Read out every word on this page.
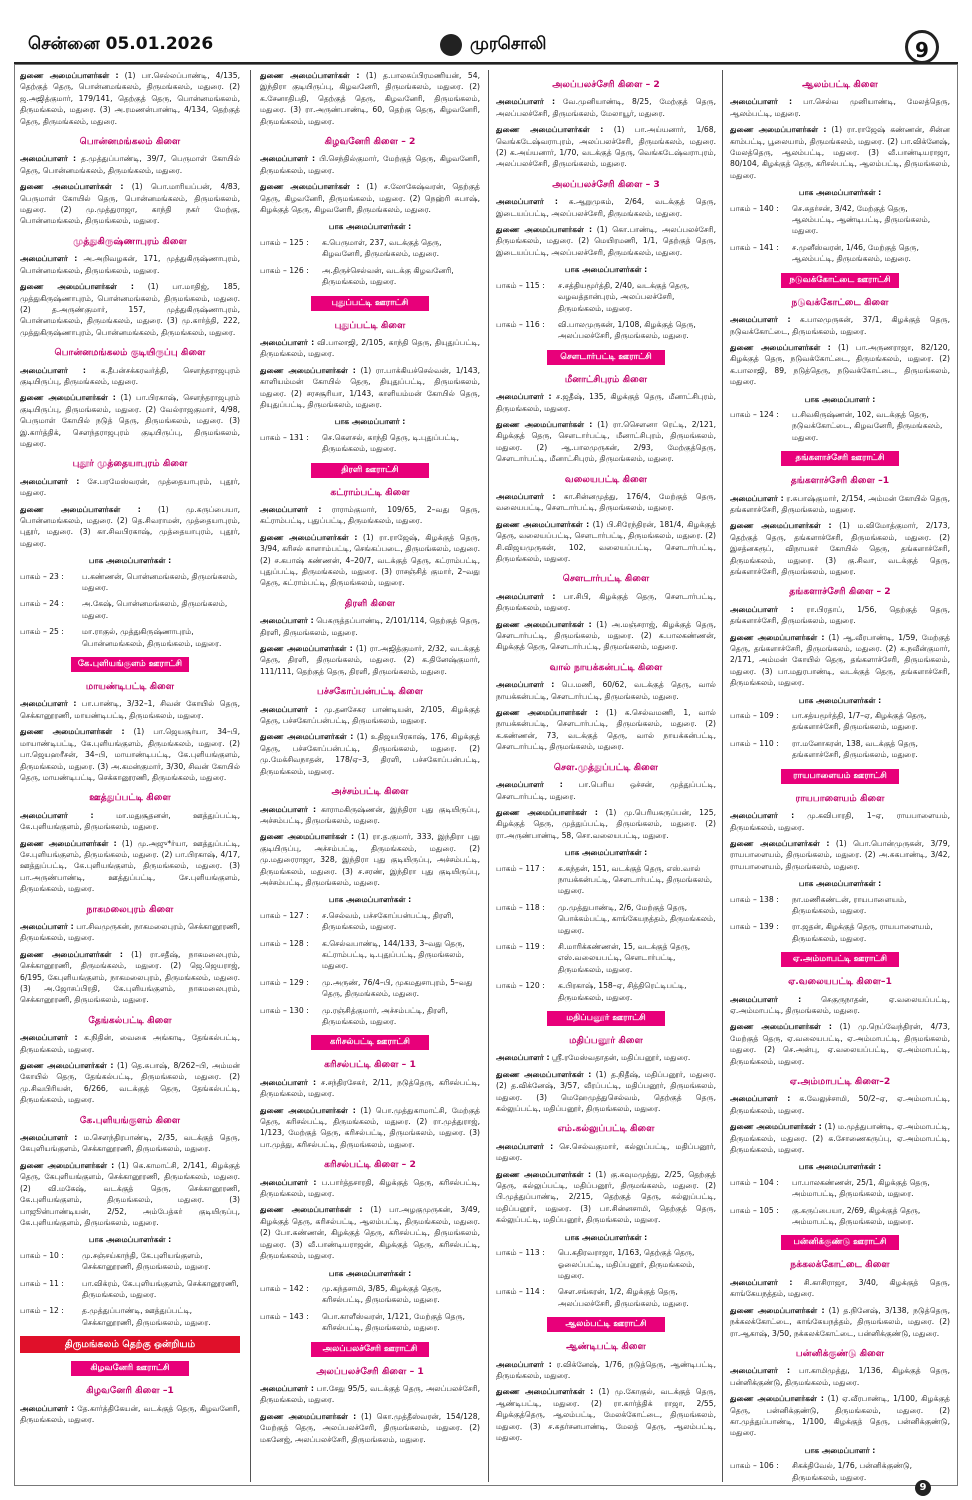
சென்னை 05.01.2026	முரசொலி	9

துணை அமைப்பாளர்கள் : (1) பா.செல்லப்பாண்டி, 4/135, தெற்குத் தெரு, பொன்னமங்கலம், திருமங்கலம், மதுரை. (2) ஜ.அஜித்குமார், 179/141, தெற்குத் தெரு, பொன்னமங்கலம், திருமங்கலம், மதுரை. (3) அ.ரமணன்பாண்டி, 4/134, தெற்குத் தெரு, திருமங்கலம், மதுரை.

பொன்னமங்கலம் கிளை

அமைப்பாளர் : த.முத்துப்பாண்டி, 39/7, பெருமாள் கோயில் தெரு, பொன்னமங்கலம், திருமங்கலம், மதுரை.

துணை அமைப்பாளர்கள் : (1) பொ.மாரியப்பன், 4/83, பெருமாள் கோயில் தெரு, பொன்னமங்கலம், திருமங்கலம், மதுரை. (2) மு.முத்துராஜா, காந்தி நகர் மேற்கு, பொன்னமங்கலம், திருமங்கலம், மதுரை.

முத்துகிருஷ்ணாபுரம் கிளை

அமைப்பாளர் : அ.அறிவழகன், 171, முத்துகிருஷ்ணாபுரம், பொன்னமங்கலம், திருமங்கலம், மதுரை.

துணை அமைப்பாளர்கள் : (1) பா.மாதிஜ், 185, முத்துகிருஷ்ணாபுரம், பொன்னமங்கலம், திருமங்கலம், மதுரை. (2) த.அருண்குமார், 157, முத்துகிருஷ்ணாபுரம், பொன்னமங்கலம், திருமங்கலம், மதுரை. (3) மு.கார்த்தி, 222, முத்துகிருஷ்ணாபுரம், பொன்னமங்கலம், திருமங்கலம், மதுரை.

பொன்னமங்கலம் குடியிருப்பு கிளை

அமைப்பாளர் : க.தீபன்சக்கரவர்த்தி, சௌந்தராஜபுரம் குடியிருப்பு, திருமங்கலம், மதுரை.

துணை அமைப்பாளர்கள் : (1) பா.பிரகாஷ், சௌந்தராஜபுரம் குடியிருப்பு, திருமங்கலம், மதுரை. (2) வேல்ராஜகுமார், 4/98, பெருமாள் கோயில் நடுத் தெரு, திருமங்கலம், மதுரை. (3) இ.கார்த்திக், சௌந்தராஜபுரம் குடியிருப்பு, திருமங்கலம், மதுரை.

புதூர் முத்தையாபுரம் கிளை

அமைப்பாளர் : சே.பரமேஸ்வரன், முத்தையாபுரம், புதூர், மதுரை.

துணை அமைப்பாளர்கள் : (1) மு.கருப்பையா, பொன்னமங்கலம், மதுரை. (2) தெ.சிவராமன், முத்தையாபுரம், புதூர், மதுரை. (3) கா.சிவபிரகாஷ், முத்தையாபுரம், புதூர், மதுரை.

பாக அமைப்பாளர்கள் :
பாகம் – 23 :	ப.கண்ணன், பொன்னமங்கலம், திருமங்கலம், மதுரை.
பாகம் – 24 :	அ.கேஷ், பொன்னமங்கலம், திருமங்கலம், மதுரை.
பாகம் – 25 :	மா.ராகுல், முத்துகிருஷ்ணாபுரம், பொன்னமங்கலம், திருமங்கலம், மதுரை.
கே.புளியங்குளம் ஊராட்சி
மாயண்டிபட்டி கிளை

அமைப்பாளர் : பா.பாண்டி, 3/32–1, சிவன் கோயில் தெரு, செக்கானூரணி, மாயண்டிபட்டி, திருமங்கலம், மதுரை.

துணை அமைப்பாளர்கள் : (1) பா.ஜெயசூர்யா, 34–பி, மாயாண்டிபட்டி, கே.புளியங்குளம், திருமங்கலம், மதுரை. (2) பா.ஜெயஹரீசன், 34–பி, மாயாண்டிபட்டி, கே.புளியங்குளம், திருமங்கலம், மதுரை. (3) அ.கமன்குமார், 3/30, சிவன் கோயில் தெரு, மாயண்டிபட்டி, செக்கானூரணி, திருமங்கலம், மதுரை.

ஊத்துப்பட்டி கிளை

அமைப்பாளர் : மா.மதுசூதனன், ஊத்துப்பட்டி, கே.புளியங்குளம், திருமங்கலம், மதுரை.

துணை அமைப்பாளர்கள் : (1) மு.அஜு*ர்யா, ஊத்துப்பட்டி, சே.புளியங்குளம், திருமங்கலம், மதுரை. (2) பா.பிரகாஷ், 4/17, ஊத்துப்பட்டி, கே.புளியங்குளம், திருமங்கலம், மதுரை. (3) பா.அருண்பாண்டி, ஊத்துப்பட்டி, சே.புளியங்குளம், திருமங்கலம், மதுரை.

நாகமலைபுரம் கிளை

அமைப்பாளர் : பா.சிவமுருகன், நாகமலைபுரம், செக்கானூரணி, திருமங்கலம், மதுரை.

துணை அமைப்பாளர்கள் : (1) ரா.சதீஷ், நாகமலைபுரம், செக்கானூரணி, திருமங்கலம், மதுரை. (2) ஜெ.ஜெயராஜ், 6/195, கேபுளியங்குளம், நாகமலைபுரம், திருமங்கலம், மதுரை. (3) அ.ஜோசப்பிரதி, கே.புளியங்குளம், நாகமலைபுரம், செக்கானூரணி, திருமங்கலம், மதுரை.

தேங்கல்பட்டி கிளை

அமைப்பாளர் : க.நிதின், வைகை அங்காடி, தேங்கல்பட்டி, திருமங்கலம், மதுரை.

துணை அமைப்பாளர்கள் : (1) தெ.சுபாஷ், 8/262–பி, அம்மன் கோயில் தெரு, தேங்கல்பட்டி, திருமங்கலம், மதுரை. (2) மு.சிவபிரியன், 6/266, வடக்குத் தெரு, தேங்கல்பட்டி, திருமங்கலம், மதுரை.

கே.புளியங்குளம் கிளை

அமைப்பாளர் : ம.சௌந்திரபாண்டி, 2/35, வடக்குத் தெரு, கேபுளியங்குளம், செக்கானூரணி, திருமங்கலம், மதுரை.

துணை அமைப்பாளர்கள் : (1) கெ.காமாட்சி, 2/141, கிழக்குத் தெரு, கேபுளியங்குளம், செக்கானூரணி, திருமங்கலம், மதுரை. (2) வி.மகேஷ், வடக்குத் தெரு, செக்கானூரணி, கே.புளியங்குளம், திருமங்கலம், மதுரை. (3) பாஜூன்பாண்டியன், 2/52, அம்பேத்கர் குடியிருப்பு, கே.புளியங்குளம், திருமங்கலம், மதுரை.

பாக அமைப்பாளர்கள் :
பாகம் – 10 :	மு.சஞ்சய்காந்தி, கே.புளியங்குளம், செக்கானூரணி, திருமங்கலம், மதுரை.
பாகம் – 11 :	பா.விக்ரம், கே.புளியங்குளம், செக்கானூரணி, திருமங்கலம், மதுரை.
பாகம் – 12 :	த.முத்துப்பாண்டி, ஊத்துப்பட்டி, செக்கானூரணி, திருமங்கலம், மதுரை.
திருமங்கலம் தெற்கு ஒன்றியம்
கிழவனேரி ஊராட்சி
கிழவனேரி கிளை –1

அமைப்பாளர் : தே.கார்த்திகேயன், வடக்குத் தெரு, கிழவனேரி, திருமங்கலம், மதுரை.

துணை அமைப்பாளர்கள் : (1) த.பாலசுப்பிரமணியன், 54, இந்திரா குடியிருப்பு, கிழவனேரி, திருமங்கலம், மதுரை. (2) க.சேனாதிபதி, தெற்குத் தெரு, கிழவனேரி, திருமங்கலம், மதுரை. (3) ரா.அருண்பாண்டி, 60, தெற்கு தெரு, கிழவனேரி, திருமங்கலம், மதுரை.

கிழவனேரி கிளை – 2

அமைப்பாளர் : பி.செந்தில்குமார், மேற்குத் தெரு, கிழவனேரி, திருமங்கலம், மதுரை.

துணை அமைப்பாளர்கள் : (1) ச.லோகேஷ்வரன், தெற்குத் தெரு, கிழவனேரி, திருமங்கலம், மதுரை. (2) நெஹ்ரி சுபாஷ், கிழக்குத் தெரு, கிழவனேரி, திருமங்கலம், மதுரை.

பாக அமைப்பாளர்கள் :
பாகம் – 125 :	க.பெருமாள், 237, வடக்குத் தெரு, கிழவனேரி, திருமங்கலம், மதுரை.
பாகம் – 126 :	அ.திருச்செல்வன், வடக்கு கிழவனேரி, திருமங்கலம், மதுரை.
புதுப்பட்டி ஊராட்சி
புதுப்பட்டி கிளை

அமைப்பாளர் : வி.பாலாஜி, 2/105, காந்தி தெரு, தியுதுப்பட்டி, திருமங்கலம், மதுரை.

துணை அமைப்பாளர்கள் : (1) ரா.பாக்கியச்செல்வன், 1/143, காளியம்மன் கோயில் தெரு, தியுதுப்பட்டி, திருமங்கலம், மதுரை. (2) சரசசூரியா, 1/143, காளியம்மன் கோயில் தெரு, தியுதுப்பட்டி, திருமங்கலம், மதுரை.

பாக அமைப்பாளர் :
பாகம் – 131 :	செ.கௌசல், காந்தி தெரு, டி.புதுப்பட்டி, திருமங்கலம், மதுரை.
திரளி ஊராட்சி
கட்ராம்பட்டி கிளை

அமைப்பாளர் : ராராம்குமார், 109/65, 2–வது தெரு, கட்ராம்பட்டி, புதுப்பட்டி, திருமங்கலம், மதுரை.

துணை அமைப்பாளர்கள் : (1) ரா.ராஜேஷ், கிழக்குத் தெரு, 3/94, கரிசல் காளாம்பட்டி, செங்கப்படை, திருமங்கலம், மதுரை. (2) ச.கபாஷ் கண்ணன், 4–20/7, வடக்குத் தெரு, கட்ராம்பட்டி, புதுப்பட்டி, திருமங்கலம், மதுரை. (3) ராசஞ்சித் குமார், 2–வது தெரு, கட்ராம்பட்டி, திருமங்கலம், மதுரை.

திரளி கிளை

அமைப்பாளர் : பெகருத்தப்பாண்டி, 2/101/114, தெற்குத் தெரு, திரளி, திருமங்கலம், மதுரை.

துணை அமைப்பாளர்கள் : (1) ரா.அஜித்குமார், 2/32, வடக்குத் தெரு, திரளி, திருமங்கலம், மதுரை. (2) க.தினேஷ்குமார், 111/111, தெற்குத் தெரு, திரளி, திருமங்கலம், மதுரை.

பச்சகோப்பன்பட்டி கிளை

அமைப்பாளர் : மு.தனசேகர பாண்டியன், 2/105, கிழக்குத் தெரு, பச்சகோப்பன்பட்டி, திருமங்கலம், மதுரை.

துணை அமைப்பாளர்கள் : (1) உதிஜயபிரகாஷ், 176, கிழக்குத் தெரு, பச்சகோப்பன்பட்டி, திருமங்கலம், மதுரை. (2) மு.மேக்சிவநாதன், 178/ஏ–3, திரளி, பச்சகோப்பன்பட்டி, திருமங்கலம், மதுரை.

அச்சம்பட்டி கிளை

அமைப்பாளர் : காராமகிருஷ்ணன், இந்திரா புது குடியிருப்பு, அச்சம்பட்டி, திருமங்கலம், மதுரை.

துணை அமைப்பாளர்கள் : (1) ரா.த.குமார், 333, இந்திரா புது குடியிருப்பு, அச்சம்பட்டி, திருமங்கலம், மதுரை. (2) மு.மதுரைராஜா, 328, இந்திரா புது குடியிருப்பு, அச்சம்பட்டி, திருமங்கலம், மதுரை. (3) ச.சரண், இந்திரா புது குடியிருப்பு, அச்சம்பட்டி, திருமங்கலம், மதுரை.

பாக அமைப்பாளர்கள் :
பாகம் – 127 :	ச.செல்வம், பச்சகோப்பன்பட்டி, திரளி, திருமங்கலம், மதுரை.
பாகம் – 128 :	க.செல்வபாண்டி, 144/133, 3–வது தெரு, கட்ராம்பட்டி, டி.புதுப்பட்டி, திருமங்கலம், மதுரை.
பாகம் – 129 :	மு.அருண், 76/4–பி, முகமதுசாபுரம், 5–வது தெரு, திருமங்கலம், மதுரை.
பாகம் – 130 :	மு.ரஞ்சித்குமார், அச்சம்பட்டி, திரளி, திருமங்கலம், மதுரை.
கரிசல்பட்டி ஊராட்சி
கரிசல்பட்டி கிளை – 1

அமைப்பாளர் : ச.சந்திரசேகர், 2/11, நடுத்தெரு, கரிசல்பட்டி, திருமங்கலம், மதுரை.

துணை அமைப்பாளர்கள் : (1) பொ.முத்துகாமாட்சி, மேற்குத் தெரு, கரிசல்பட்டி, திருமங்கலம், மதுரை. (2) ரா.முத்துராஜ், 1/123, மேற்குத் தெரு, கரிசல்பட்டி, திருமங்கலம், மதுரை. (3) பா.முத்து, கரிசல்பட்டி, திருமங்கலம், மதுரை.

கரிசல்பட்டி கிளை – 2

அமைப்பாளர் : ப.பார்த்தசாரதி, கிழக்குத் தெரு, கரிசல்பட்டி, திருமங்கலம், மதுரை.

துணை அமைப்பாளர்கள் : (1) பா.அழகுமுருகன், 3/49, கிழக்குத் தெரு, கரிசல்பட்டி, ஆலம்பட்டி, திருமங்கலம், மதுரை. (2) போ.கண்ணன், கிழக்குத் தெரு, கரிசல்பட்டி, திருமங்கலம், மதுரை. (3) வீ.பாண்டியராஜன், கிழக்குத் தெரு, கரிசல்பட்டி, திருமங்கலம், மதுரை.

பாக அமைப்பாளர்கள் :
பாகம் – 142 :	மு.கந்தசாமி, 3/85, கிழக்குத் தெரு, கரிசல்பட்டி, திருமங்கலம், மதுரை.
பாகம் – 143 :	பொ.காளீஸ்வரன், 1/121, மேற்குத் தெரு, கரிசல்பட்டி, திருமங்கலம், மதுரை.
அலப்பலச்சேரி ஊராட்சி
அலப்பலச்சேரி கிளை – 1

அமைப்பாளர் : பா.சேது 95/5, வடக்குத் தெரு, அலப்பலச்சேரி, திருமங்கலம், மதுரை.

துணை அமைப்பாளர்கள் : (1) கொ.முத்தீஸ்வரன், 154/128, மேற்குத் தெரு, அலப்பலச்சேரி, திருமங்கலம், மதுரை. (2) மகனேஜ், அலப்பலச்சேரி, திருமங்கலம், மதுரை.

அலப்பலச்சேரி கிளை – 2

அமைப்பாளர் : வே.முனியாண்டி, 8/25, மேற்குத் தெரு, அலப்பலச்சேரி, திருமங்கலம், மேலாயூர், மதுரை.

துணை அமைப்பாளர்கள் : (1) பா.அய்யனார், 1/68, வெங்கடேஷ்வராபுரம், அலப்பலச்சேரி, திருமங்கலம், மதுரை. (2) க.அய்யனார், 1/70, வடக்குத் தெரு, வெங்கடேஷ்வராபுரம், அலப்பலச்சேரி, திருமங்கலம், மதுரை.

அலப்பலச்சேரி கிளை – 3

அமைப்பாளர் : க.ஆறுமுகம், 2/64, வடக்குத் தெரு, இடையப்பட்டி, அலப்பலச்சேரி, திருமங்கலம், மதுரை.

துணை அமைப்பாளர்கள் : (1) கொ.பாண்டி, அலப்பலச்சேரி, திருமங்கலம், மதுரை. (2) மெயிரமணி, 1/1, தெற்குத் தெரு, இடையப்பட்டி, அலப்பலச்சேரி, திருமங்கலம், மதுரை.

பாக அமைப்பாளர்கள் :
பாகம் – 115 :	ச.சத்தியமூர்த்தி, 2/40, வடக்குத் தெரு, வழவத்தான்புரம், அலப்பலச்சேரி, திருமங்கலம், மதுரை.
பாகம் – 116 :	வி.பாலமுருகன், 1/108, கிழக்குத் தெரு, அலப்பலச்சேரி, திருமங்கலம், மதுரை.
சௌடார்பட்டி ஊராட்சி
மீனாட்சிபுரம் கிளை

அமைப்பாளர் : ச.ஜதீஷ், 135, கிழக்குத் தெரு, மீனாட்சிபுரம், திருமங்கலம், மதுரை.

துணை அமைப்பாளர்கள் : (1) ரா.செௌனா ரெட்டி, 2/121, கிழக்குத் தெரு, சௌடார்பட்டி, மீனாட்சிபுரம், திருமங்கலம், மதுரை. (2) ஆ.பாலமுருகன், 2/93, மேற்குத்தெரு, சௌடார்பட்டி, மீனாட்சிபுரம், திருமங்கலம், மதுரை.

வலையபட்டி கிளை

அமைப்பாளர் : கா.சின்னமுத்து, 176/4, மேற்குத் தெரு, வலையபட்டி, சௌடார்பட்டி, திருமங்கலம், மதுரை.

துணை அமைப்பாளர்கள் : (1) பி.சிரேந்திரன், 181/4, கிழக்குத் தெரு, வலையப்பட்டி, சௌடார்பட்டி, திருமங்கலம், மதுரை. (2) சி.விஜயமுருகன், 102, வலையப்பட்டி, சௌடார்பட்டி, திருமங்கலம், மதுரை.

சௌடார்பட்டி கிளை

அமைப்பாளர் : பா.சிபி, கிழக்குத் தெரு, சௌடார்பட்டி, திருமங்கலம், மதுரை.

துணை அமைப்பாளர்கள் : (1) அ.மஞ்சராஜ், கிழக்குத் தெரு, சௌடார்பட்டி, திருமங்கலம், மதுரை. (2) க.பாலகண்ணன், கிழக்குத் தெரு, சௌடார்பட்டி, திருமங்கலம், மதுரை.

வால் நாயக்கன்பட்டி கிளை

அமைப்பாளர் : பெ.மணி, 60/62, வடக்குத் தெரு, வால் நாயக்கன்பட்டி, சௌடார்பட்டி, திருமங்கலம், மதுரை.

துணை அமைப்பாளர்கள் : (1) க.செல்வமணி, 1, வால் நாயக்கன்பட்டி, சௌடார்பட்டி, திருமங்கலம், மதுரை. (2) க.கண்ணன், 73, வடக்குத் தெரு, வால் நாயக்கன்பட்டி, சௌடார்பட்டி, திருமங்கலம், மதுரை.

சௌ.முத்துப்பட்டி கிளை

அமைப்பாளர் : பா.பெரிய ஒச்சன், முத்துப்பட்டி, சௌடார்பட்டி, மதுரை.

துணை அமைப்பாளர்கள் : (1) மு.பெரியகருப்பன், 125, கிழக்குத் தெரு, முத்துப்பட்டி, திருமங்கலம், மதுரை. (2) ரா.அருண்பாண்டி, 58, சொ.வலையபட்டி, மதுரை.

பாக அமைப்பாளர்கள் :
பாகம் – 117 :	சு.கந்தன், 151, வடக்குத் தெரு, எஸ்.வால் நாயக்கன்பட்டி, சௌடார்பட்டி, திருமங்கலம், மதுரை.
பாகம் – 118 :	மு.முத்துபாண்டி, 2/6, மேற்குத் தெரு, பொக்கம்பட்டி, காங்கேயநத்தம், திருமங்கலம், மதுரை.
பாகம் – 119 :	சி.மாரிக்கண்ணன், 15, வடக்குத் தெரு, எஸ்.வலையபட்டி, சௌடார்பட்டி, திருமங்கலம், மதுரை.
பாகம் – 120 :	க.பிரகாஷ், 158–ஏ, சித்திரெட்டிபட்டி, திருமங்கலம், மதுரை.
மதிப்பனூர் ஊராட்சி
மதிப்பனூர் கிளை

அமைப்பாளர் : ஸ்ரீ.ரமேஸ்வதாதன், மதிப்பனூர், மதுரை.

துணை அமைப்பாளர்கள் : (1) த.நிதீஷ், மதிப்பனூர், மதுரை. (2) த.விக்னேஷ், 3/57, வீரப்பட்டி, மதிப்பனூர், திருமங்கலம், மதுரை. (3) மெஹேமுத்துசெல்வம், தெற்குத் தெரு, கல்லுப்பட்டி, மதிப்பனூர், திருமங்கலம், மதுரை.

எம்.கல்லுப்பட்டி கிளை

அமைப்பாளர் : செ.செல்வகுமார், கல்லுப்பட்டி, மதிப்பனூர், மதுரை.

துணை அமைப்பாளர்கள் : (1) கு.கவுமமுத்து, 2/25, தெற்குத் தெரு, கல்லுப்பட்டி, மதிப்பனூர், திருமங்கலம், மதுரை. (2) பி.முத்துப்பாண்டி, 2/215, தெற்குத் தெரு, கல்லுப்பட்டி, மதிப்பனூர், மதுரை. (3) பா.சின்னசாமி, தெற்குத் தெரு, கல்லுப்பட்டி, மதிப்பனூர், திருமங்கலம், மதுரை.

பாக அமைப்பாளர்கள் :
பாகம் – 113 :	பெ.கதிரவராஜா, 1/163, தெற்குத் தெரு, ஓலைப்பட்டி, மதிப்பனூர், திருமங்கலம், மதுரை.
பாகம் – 114 :	சௌ.சங்கரன், 1/2, கிழக்குத் தெரு, அலப்பலச்சேரி, திருமங்கலம், மதுரை.
ஆலம்பட்டி ஊராட்சி
ஆண்டிபட்டி கிளை

அமைப்பாளர் : ர.விக்னேஷ், 1/76, நடுத்தெரு, ஆண்டிபட்டி, திருமங்கலம், மதுரை.

துணை அமைப்பாளர்கள் : (1) மு.கோகுல், வடக்குத் தெரு, ஆண்டிபட்டி, மதுரை. (2) ரா.கார்த்திக் ராஜா, 2/55, கிழக்குத்தெரு, ஆலம்பட்டி, மேலக்கோட்டை, திருமங்கலம், மதுரை. (3) ச.சுதர்சனபாண்டி, மேலத் தெரு, ஆலம்பட்டி, மதுரை.

ஆலம்பட்டி கிளை

அமைப்பாளர் : பா.செல்வ முனியாண்டி, மேலத்தெரு, ஆலம்பட்டி, மதுரை.

துணை அமைப்பாளர்கள் : (1) ரா.ராஜேஷ் கண்ணன், சின்ன காம்பட்டி, பூலையாம், திருமங்கலம், மதுரை. (2) பா.விக்னேஷ், மேலத்தெரு, ஆலம்பட்டி, மதுரை. (3) வீ.பாண்டியராஜா, 80/104, கிழக்குத் தெரு, கரிசல்பட்டி, ஆலம்பட்டி, திருமங்கலம், மதுரை.

பாக அமைப்பாளர்கள் :
பாகம் – 140 :	செ.சுதர்சன், 3/42, மேற்குத் தெரு, ஆலம்பட்டி, ஆண்டிபட்டி, திருமங்கலம், மதுரை.
பாகம் – 141 :	ச.முனீஸ்வரன், 1/46, மேற்குத் தெரு, ஆலம்பட்டி, திருமங்கலம், மதுரை.
நடுவக்கோட்டை ஊராட்சி
நடுவக்கோட்டை கிளை

அமைப்பாளர் : க.பாலமுருகன், 37/1, கிழக்குத் தெரு, நடுவக்கோட்டை, திருமங்கலம், மதுரை.

துணை அமைப்பாளர்கள் : (1) பா.அருணராஜா, 82/120, கிழக்குத் தெரு, நடுவக்கோட்டை, திருமங்கலம், மதுரை. (2) க.பாலாஜி, 89, நடுத்தெரு, நடுவக்கோட்டை, திருமங்கலம், மதுரை.

பாக அமைப்பாளர் :
பாகம் – 124 :	ப.சிவகிருஷ்ணன், 102, வடக்குத் தெரு, நடுவக்கோட்டை, கிழவனேரி, திருமங்கலம், மதுரை.
தங்களாச்சேரி ஊராட்சி
தங்களாச்சேரி கிளை –1

அமைப்பாளர் : ர.சுபாஷ்குமார், 2/154, அம்மன் கோயில் தெரு, தங்களாச்சேரி, திருமங்கலம், மதுரை.

துணை அமைப்பாளர்கள் : (1) ம.விமோத்குமார், 2/173, தெற்குத் தெரு, தங்களாச்சேரி, திருமங்கலம், மதுரை. (2) இசத்னகரூப், விநாயகர் கோயில் தெரு, தங்களாச்சேரி, திருமங்கலம், மதுரை. (3) கு.சிவா, வடக்குத் தெரு, தங்களாச்சேரி, திருமங்கலம், மதுரை.

தங்களாச்சேரி கிளை – 2

அமைப்பாளர் : ரா.பிரதாப், 1/56, தெற்குத் தெரு, தங்களாச்சேரி, திருமங்கலம், மதுரை.

துணை அமைப்பாளர்கள் : (1) ஆ.வீரபாண்டி, 1/59, மேற்குத் தெரு, தங்களாச்சேரி, திருமங்கலம், மதுரை. (2) சு.நவீன்குமார், 2/171, அம்மன் கோயில் தெரு, தங்களாச்சேரி, திருமங்கலம், மதுரை. (3) பா.மதுரபாண்டி, வடக்குத் தெரு, தங்களாச்சேரி, திருமங்கலம், மதுரை.

பாக அமைப்பாளர்கள் :
பாகம் – 109 :	பா.சத்யமூர்த்தி, 1/7–ஏ, கிழக்குத் தெரு, தங்களாச்சேரி, திருமங்கலம், மதுரை.
பாகம் – 110 :	ரா.மனோகரன், 138, வடக்குத் தெரு, தங்களாச்சேரி, திருமங்கலம், மதுரை.
ராயபாளையம் ஊராட்சி
ராயபாளையம் கிளை

அமைப்பாளர் : மு.கவிபாரதி, 1–ஏ, ராயபாளையம், திருமங்கலம், மதுரை.

துணை அமைப்பாளர்கள் : (1) பொ.பொன்முருகன், 3/79, ராயபாளையம், திருமங்கலம், மதுரை. (2) அ.சுகபாண்டி, 3/42, ராயபாளையம், திருமங்கலம், மதுரை.

பாக அமைப்பாளர்கள் :
பாகம் – 138 :	நா.மணிகண்டன், ராயபாளையம், திருமங்கலம், மதுரை.
பாகம் – 139 :	ரா.ஜதன், கிழக்குத் தெரு, ராயபாளையம், திருமங்கலம், மதுரை.
ஏ.அம்மாபட்டி ஊராட்சி
ஏ.வலையபட்டி கிளை–1

அமைப்பாளர் : செகுருநாதன், ஏ.வலையப்பட்டி, ஏ.அம்மாபட்டி, திருமங்கலம், மதுரை.

துணை அமைப்பாளர்கள் : (1) மு.நெப்வேந்திரன், 4/73, மேற்குத் தெரு, ஏ.வலையபட்டி, ஏ.அம்மாபட்டி, திருமங்கலம், மதுரை. (2) செ.அன்பு, ஏ.வலையப்பட்டி, ஏ.அம்மாபட்டி, திருமங்கலம், மதுரை.

ஏ.அம்மாபட்டி கிளை–2

அமைப்பாளர் : க.வேலுச்சாமி, 50/2–ஏ, ஏ.அம்மாபட்டி, திருமங்கலம், மதுரை.

துணை அமைப்பாளர்கள் : (1) ம.முத்துபாண்டி, ஏ.அம்மாபட்டி, திருமங்கலம், மதுரை. (2) க.சோணைகருப்பு, ஏ.அம்மாபட்டி, திருமங்கலம், மதுரை.

பாக அமைப்பாளர்கள் :
பாகம் – 104 :	பா.பாலகண்ணன், 25/1, கிழக்குத் தெரு, அம்மாபட்டி, திருமங்கலம், மதுரை.
பாகம் – 105 :	கு.கருப்பையா, 2/69, கிழக்குத் தெரு, அம்மாபட்டி, திருமங்கலம், மதுரை.
பன்னிக்குண்டு ஊராட்சி
நக்கலக்கோட்டை கிளை

அமைப்பாளர் : சி.காசிராஜா, 3/40, கிழக்குத் தெரு, காங்கேயநத்தம், மதுரை.

துணை அமைப்பாளர்கள் : (1) த.நினேஷ், 3/138, நடுத்தெரு, நக்கலக்கோட்டை, காங்கேயநத்தம், திருமங்கலம், மதுரை. (2) ரா.ஆகாஷ், 3/50, நக்கலக்கோட்டை, பன்னிக்குண்டு, மதுரை.

பன்னிக்குண்டு கிளை

அமைப்பாளர் : பா.காமிமுத்து, 1/136, கிழக்குத் தெரு, பன்னிக்குண்டு, திருமங்கலம், மதுரை.

துணை அமைப்பாளர்கள் : (1) ஏ.வீரபாண்டி, 1/100, கிழக்குத் தெரு, பன்னிக்குண்டு, திருமங்கலம், மதுரை. (2) கா.முத்துப்பாண்டி, 1/100, கிழக்குத் தெரு, பன்னிக்குண்டு, மதுரை.

பாக அமைப்பாளர் :
பாகம் – 106 :	சிகக்திவேல், 1/76, பன்னிக்குண்டு, திருமங்கலம், மதுரை.
9
